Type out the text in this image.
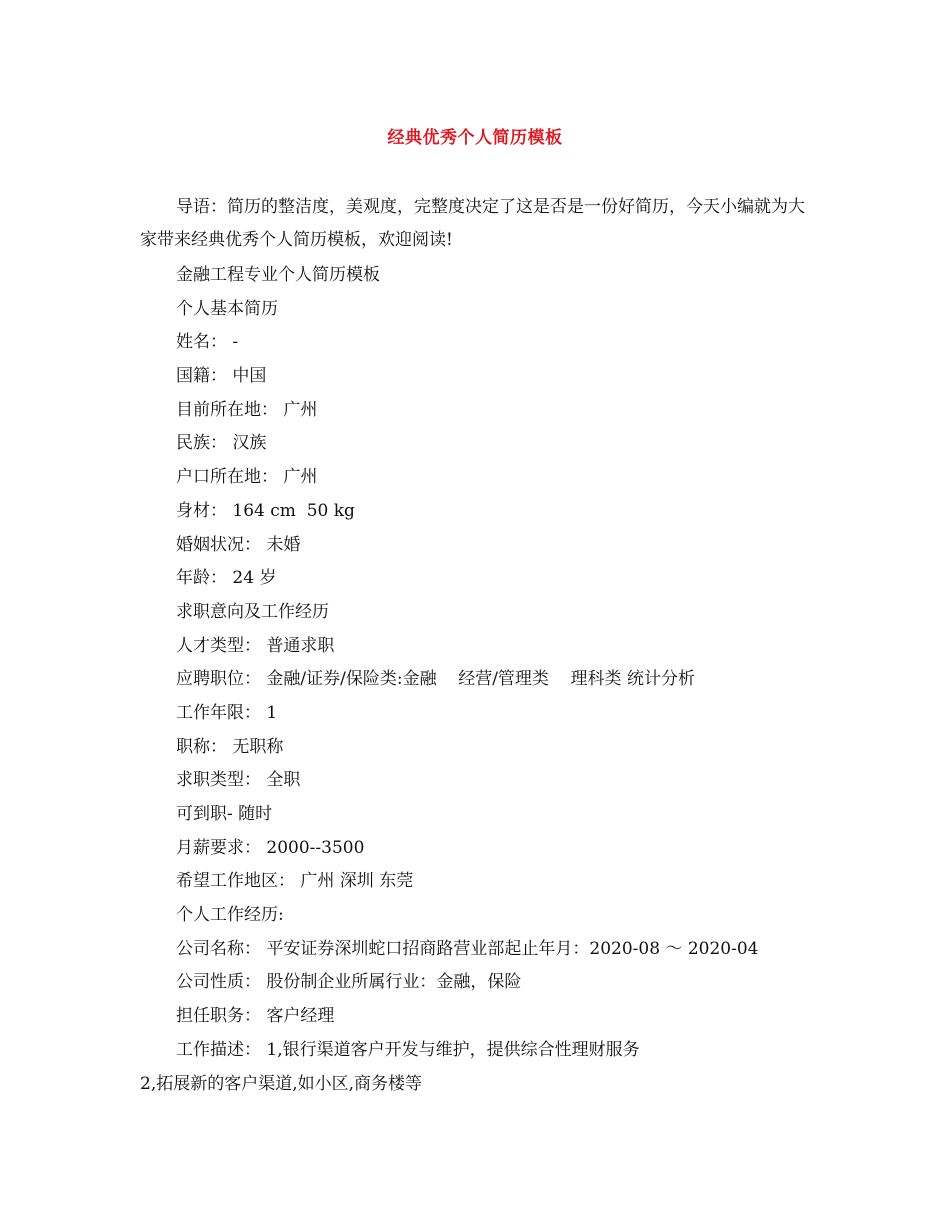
经典优秀个人简历模板

导语：简历的整洁度，美观度，完整度决定了这是否是一份好简历，今天小编就为大家带来经典优秀个人简历模板，欢迎阅读!

金融工程专业个人简历模板
个人基本简历
姓名： -
国籍： 中国
目前所在地： 广州
民族： 汉族
户口所在地： 广州
身材： 164 cm  50 kg
婚姻状况： 未婚
年龄： 24 岁
求职意向及工作经历
人才类型： 普通求职
应聘职位： 金融/证券/保险类:金融    经营/管理类    理科类 统计分析
工作年限： 1
职称： 无职称
求职类型： 全职
可到职- 随时
月薪要求： 2000--3500
希望工作地区： 广州 深圳 东莞
个人工作经历:
公司名称： 平安证券深圳蛇口招商路营业部起止年月：2020-08 ～ 2020-04
公司性质： 股份制企业所属行业：金融，保险
担任职务： 客户经理
工作描述： 1,银行渠道客户开发与维护，提供综合性理财服务
2,拓展新的客户渠道,如小区,商务楼等
